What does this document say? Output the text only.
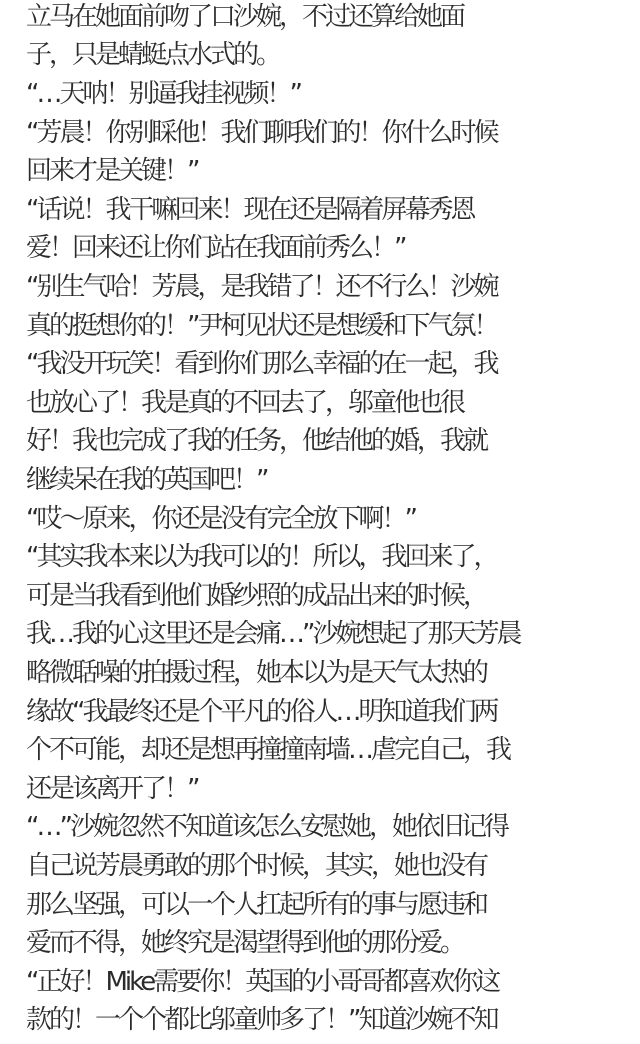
立马在她面前吻了口沙婉，不过还算给她面
子，只是蜻蜓点水式的。
“…天呐！别逼我挂视频！”
“芳晨！你别睬他！我们聊我们的！你什么时候
回来才是关键！”
“话说！我干嘛回来！现在还是隔着屏幕秀恩
爱！回来还让你们站在我面前秀么！”
“别生气哈！芳晨，是我错了！还不行么！沙婉
真的挺想你的！”尹柯见状还是想缓和下气氛！
“我没开玩笑！看到你们那么幸福的在一起，我
也放心了！我是真的不回去了，邬童他也很
好！我也完成了我的任务，他结他的婚，我就
继续呆在我的英国吧！”
“哎～原来，你还是没有完全放下啊！”
“其实我本来以为我可以的！所以，我回来了，
可是当我看到他们婚纱照的成品出来的时候，
我…我的心这里还是会痛…”沙婉想起了那天芳晨
略微聒噪的拍摄过程，她本以为是天气太热的
缘故“我最终还是个平凡的俗人…明知道我们两
个不可能，却还是想再撞撞南墙…虐完自己，我
还是该离开了！”
“…”沙婉忽然不知道该怎么安慰她，她依旧记得
自己说芳晨勇敢的那个时候，其实，她也没有
那么坚强，可以一个人扛起所有的事与愿违和
爱而不得，她终究是渴望得到他的那份爱。
“正好！Mike需要你！英国的小哥哥都喜欢你这
款的！一个个都比邬童帅多了！”知道沙婉不知
